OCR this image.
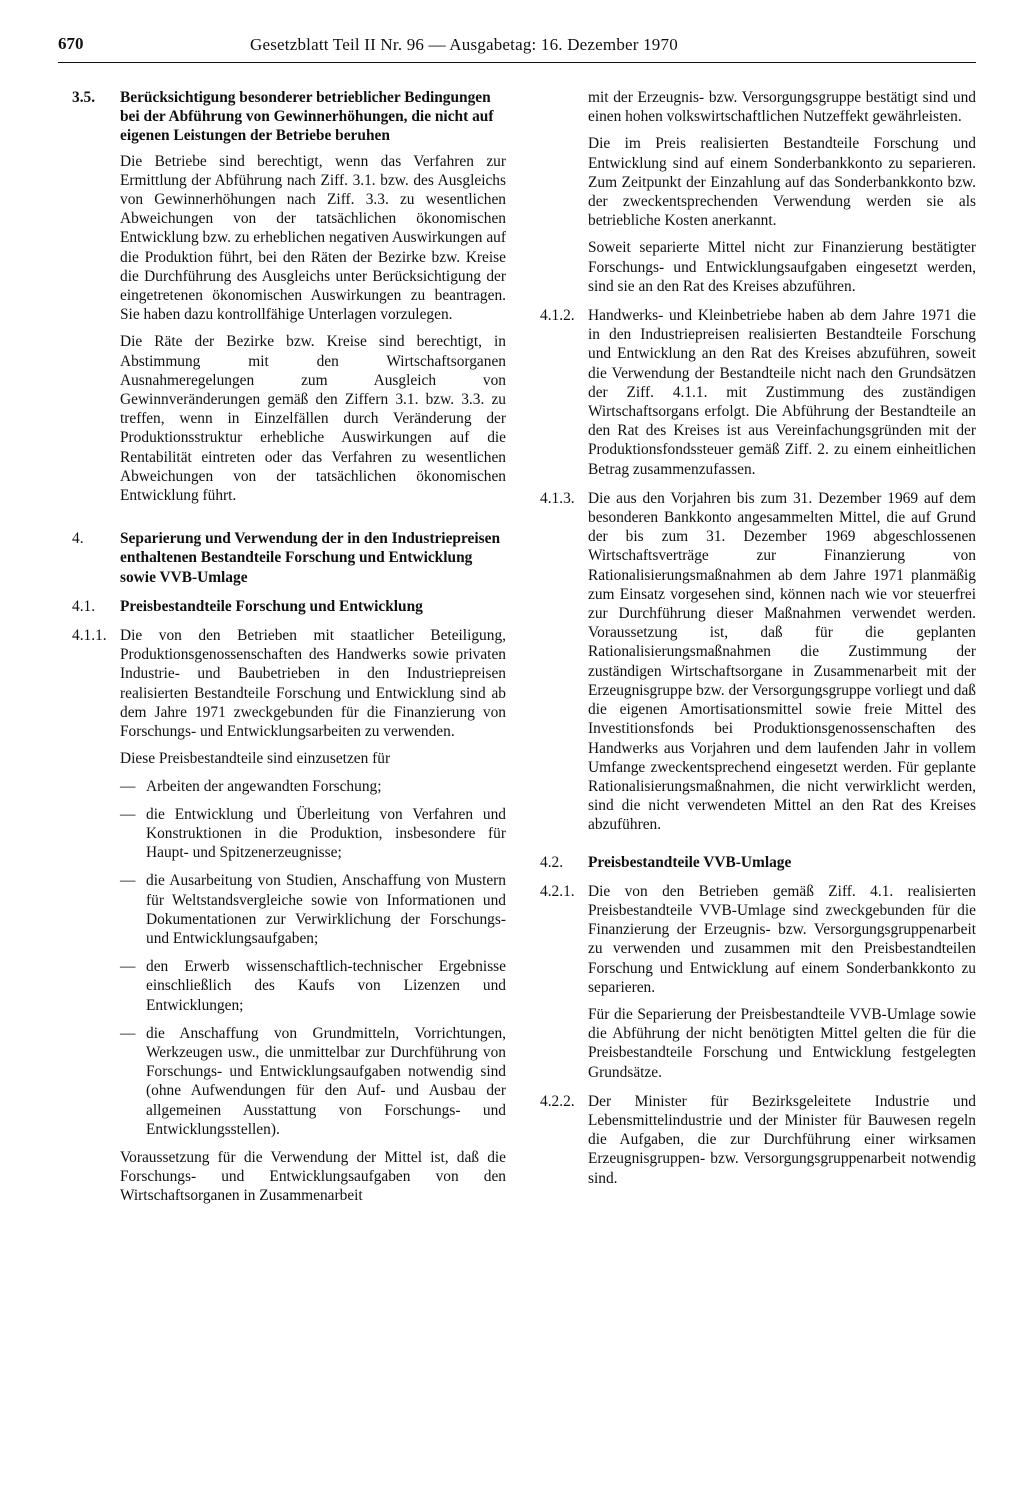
670	Gesetzblatt Teil II Nr. 96 — Ausgabetag: 16. Dezember 1970
3.5. Berücksichtigung besonderer betrieblicher Bedingungen bei der Abführung von Gewinnerhöhungen, die nicht auf eigenen Leistungen der Betriebe beruhen

Die Betriebe sind berechtigt, wenn das Verfahren zur Ermittlung der Abführung nach Ziff. 3.1. bzw. des Ausgleichs von Gewinnerhöhungen nach Ziff. 3.3. zu wesentlichen Abweichungen von der tatsächlichen ökonomischen Entwicklung bzw. zu erheblichen negativen Auswirkungen auf die Produktion führt, bei den Räten der Bezirke bzw. Kreise die Durchführung des Ausgleichs unter Berücksichtigung der eingetretenen ökonomischen Auswirkungen zu beantragen. Sie haben dazu kontrollfähige Unterlagen vorzulegen.

Die Räte der Bezirke bzw. Kreise sind berechtigt, in Abstimmung mit den Wirtschaftsorganen Ausnahmeregelungen zum Ausgleich von Gewinnveränderungen gemäß den Ziffern 3.1. bzw. 3.3. zu treffen, wenn in Einzelfällen durch Veränderung der Produktionsstruktur erhebliche Auswirkungen auf die Rentabilität eintreten oder das Verfahren zu wesentlichen Abweichungen von der tatsächlichen ökonomischen Entwicklung führt.

4. Separierung und Verwendung der in den Industriepreisen enthaltenen Bestandteile Forschung und Entwicklung sowie VVB-Umlage
4.1. Preisbestandteile Forschung und Entwicklung
4.1.1. Die von den Betrieben mit staatlicher Beteiligung, Produktionsgenossenschaften des Handwerks sowie privaten Industrie- und Baubetrieben in den Industriepreisen realisierten Bestandteile Forschung und Entwicklung sind ab dem Jahre 1971 zweckgebunden für die Finanzierung von Forschungs- und Entwicklungsarbeiten zu verwenden.

Diese Preisbestandteile sind einzusetzen für

— Arbeiten der angewandten Forschung;
— die Entwicklung und Überleitung von Verfahren und Konstruktionen in die Produktion, insbesondere für Haupt- und Spitzenerzeugnisse;
— die Ausarbeitung von Studien, Anschaffung von Mustern für Weltstandsvergleiche sowie von Informationen und Dokumentationen zur Verwirklichung der Forschungs- und Entwicklungsaufgaben;
— den Erwerb wissenschaftlich-technischer Ergebnisse einschließlich des Kaufs von Lizenzen und Entwicklungen;
— die Anschaffung von Grundmitteln, Vorrichtungen, Werkzeugen usw., die unmittelbar zur Durchführung von Forschungs- und Entwicklungsaufgaben notwendig sind (ohne Aufwendungen für den Auf- und Ausbau der allgemeinen Ausstattung von Forschungs- und Entwicklungsstellen).

Voraussetzung für die Verwendung der Mittel ist, daß die Forschungs- und Entwicklungsaufgaben von den Wirtschaftsorganen in Zusammenarbeit

mit der Erzeugnis- bzw. Versorgungsgruppe bestätigt sind und einen hohen volkswirtschaftlichen Nutzeffekt gewährleisten.

Die im Preis realisierten Bestandteile Forschung und Entwicklung sind auf einem Sonderbankkonto zu separieren. Zum Zeitpunkt der Einzahlung auf das Sonderbankkonto bzw. der zweckentsprechenden Verwendung werden sie als betriebliche Kosten anerkannt.

Soweit separierte Mittel nicht zur Finanzierung bestätigter Forschungs- und Entwicklungsaufgaben eingesetzt werden, sind sie an den Rat des Kreises abzuführen.

4.1.2. Handwerks- und Kleinbetriebe haben ab dem Jahre 1971 die in den Industriepreisen realisierten Bestandteile Forschung und Entwicklung an den Rat des Kreises abzuführen, soweit die Verwendung der Bestandteile nicht nach den Grundsätzen der Ziff. 4.1.1. mit Zustimmung des zuständigen Wirtschaftsorgans erfolgt. Die Abführung der Bestandteile an den Rat des Kreises ist aus Vereinfachungsgründen mit der Produktionsfondssteuer gemäß Ziff. 2. zu einem einheitlichen Betrag zusammenzufassen.

4.1.3. Die aus den Vorjahren bis zum 31. Dezember 1969 auf dem besonderen Bankkonto angesammelten Mittel, die auf Grund der bis zum 31. Dezember 1969 abgeschlossenen Wirtschaftsverträge zur Finanzierung von Rationalisierungsmaßnahmen ab dem Jahre 1971 planmäßig zum Einsatz vorgesehen sind, können nach wie vor steuerfrei zur Durchführung dieser Maßnahmen verwendet werden. Voraussetzung ist, daß für die geplanten Rationalisierungsmaßnahmen die Zustimmung der zuständigen Wirtschaftsorgane in Zusammenarbeit mit der Erzeugnisgruppe bzw. der Versorgungsgruppe vorliegt und daß die eigenen Amortisationsmittel sowie freie Mittel des Investitionsfonds bei Produktionsgenossenschaften des Handwerks aus Vorjahren und dem laufenden Jahr in vollem Umfange zweckentsprechend eingesetzt werden. Für geplante Rationalisierungsmaßnahmen, die nicht verwirklicht werden, sind die nicht verwendeten Mittel an den Rat des Kreises abzuführen.

4.2. Preisbestandteile VVB-Umlage
4.2.1. Die von den Betrieben gemäß Ziff. 4.1. realisierten Preisbestandteile VVB-Umlage sind zweckgebunden für die Finanzierung der Erzeugnis- bzw. Versorgungsgruppenarbeit zu verwenden und zusammen mit den Preisbestandteilen Forschung und Entwicklung auf einem Sonderbankkonto zu separieren.

Für die Separierung der Preisbestandteile VVB-Umlage sowie die Abführung der nicht benötigten Mittel gelten die für die Preisbestandteile Forschung und Entwicklung festgelegten Grundsätze.

4.2.2. Der Minister für Bezirksgeleitete Industrie und Lebensmittelindustrie und der Minister für Bauwesen regeln die Aufgaben, die zur Durchführung einer wirksamen Erzeugnisgruppen- bzw. Versorgungsgruppenarbeit notwendig sind.
